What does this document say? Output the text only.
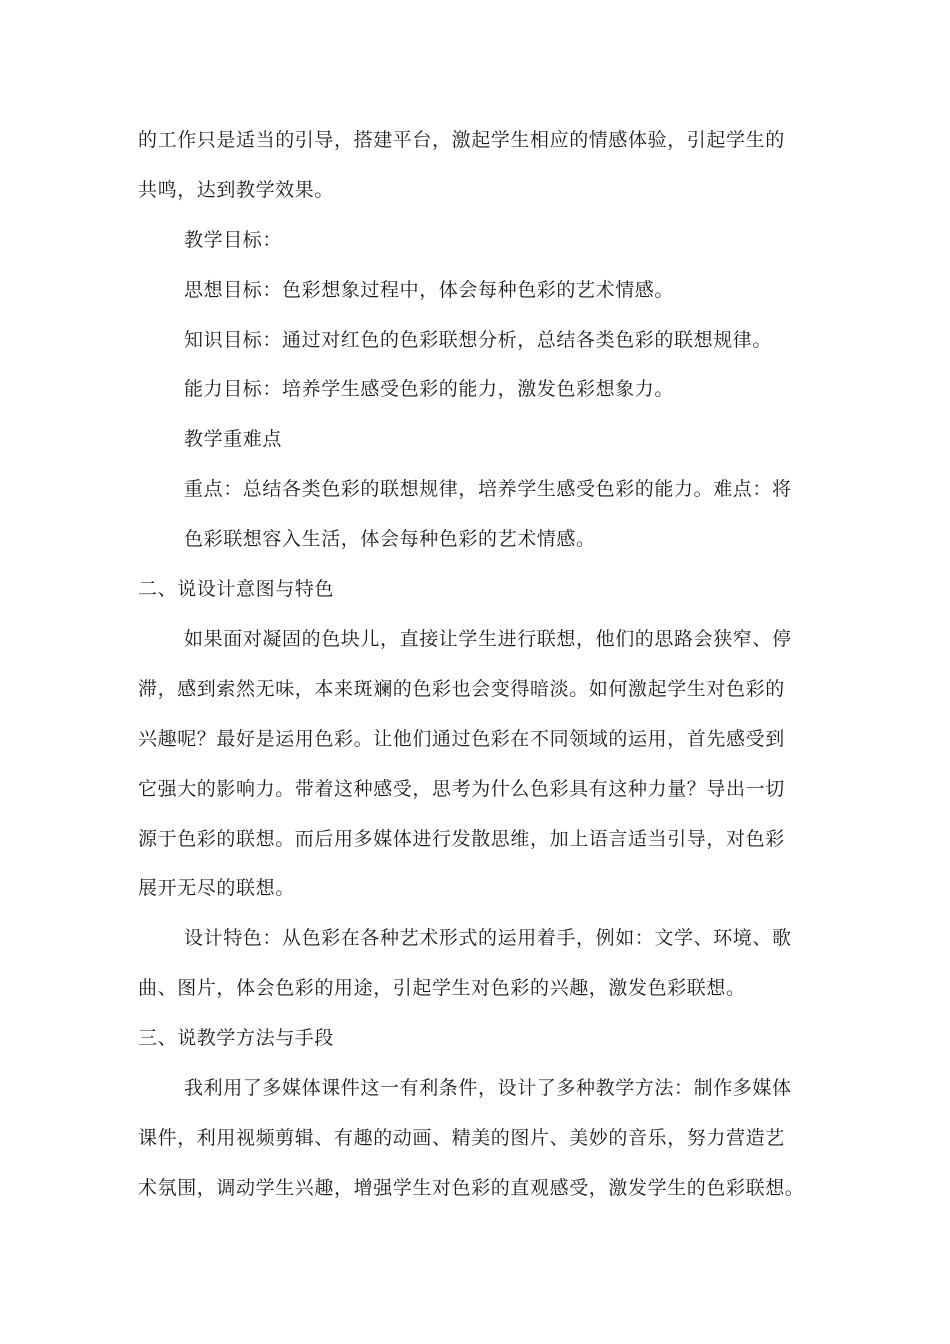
的工作只是适当的引导，搭建平台，激起学生相应的情感体验，引起学生的
共鸣，达到教学效果。
教学目标：
思想目标：色彩想象过程中，体会每种色彩的艺术情感。
知识目标：通过对红色的色彩联想分析，总结各类色彩的联想规律。
能力目标：培养学生感受色彩的能力，激发色彩想象力。
教学重难点
重点：总结各类色彩的联想规律，培养学生感受色彩的能力。难点：将
色彩联想容入生活，体会每种色彩的艺术情感。
二、说设计意图与特色
如果面对凝固的色块儿，直接让学生进行联想，他们的思路会狭窄、停
滞，感到索然无味，本来斑斓的色彩也会变得暗淡。如何激起学生对色彩的
兴趣呢？最好是运用色彩。让他们通过色彩在不同领域的运用，首先感受到
它强大的影响力。带着这种感受，思考为什么色彩具有这种力量？导出一切
源于色彩的联想。而后用多媒体进行发散思维，加上语言适当引导，对色彩
展开无尽的联想。
设计特色：从色彩在各种艺术形式的运用着手，例如：文学、环境、歌
曲、图片，体会色彩的用途，引起学生对色彩的兴趣，激发色彩联想。
三、说教学方法与手段
我利用了多媒体课件这一有利条件，设计了多种教学方法：制作多媒体
课件，利用视频剪辑、有趣的动画、精美的图片、美妙的音乐，努力营造艺
术氛围，调动学生兴趣，增强学生对色彩的直观感受，激发学生的色彩联想。
